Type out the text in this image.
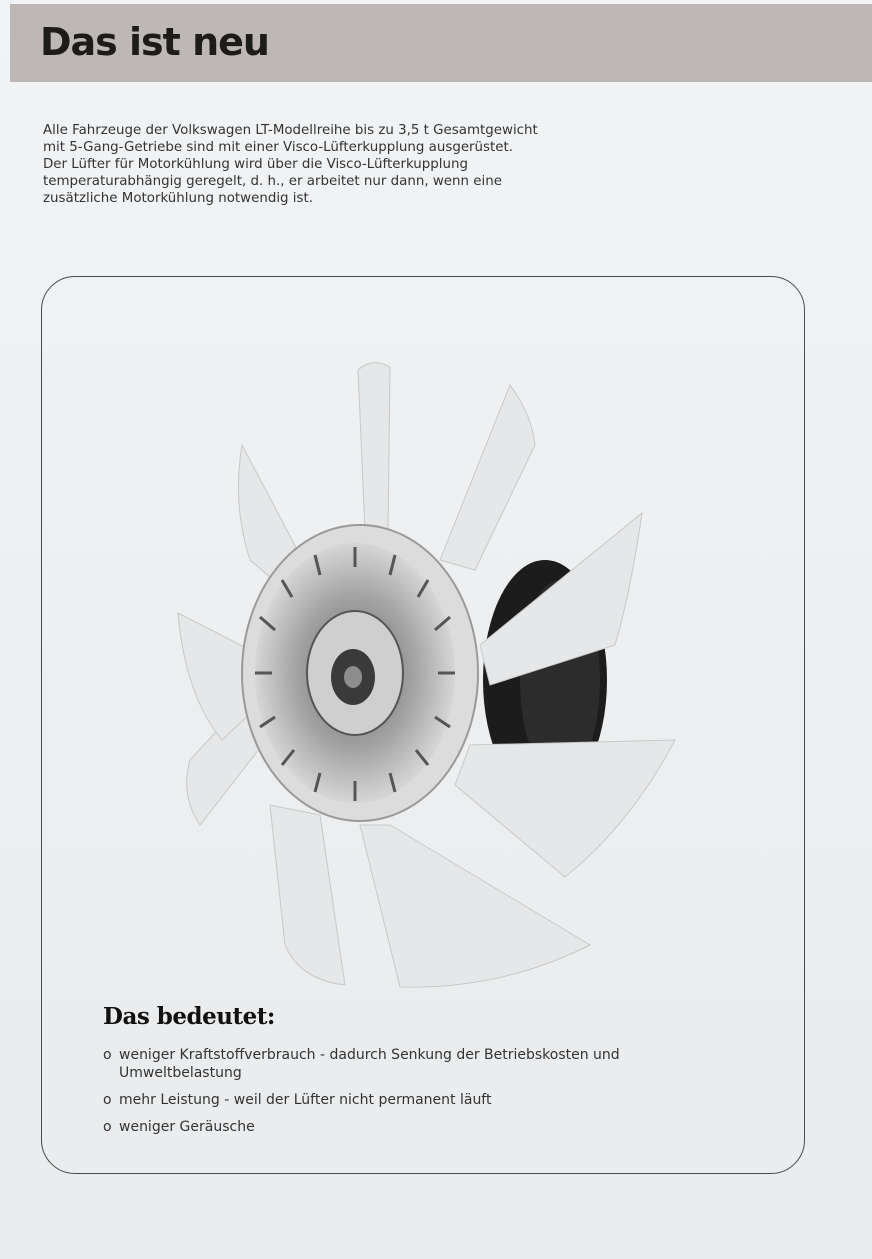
Das ist neu

Alle Fahrzeuge der Volkswagen LT-Modellreihe bis zu 3,5 t Gesamtgewicht

mit 5-Gang-Getriebe sind mit einer Visco-Lüfterkupplung ausgerüstet.

Der Lüfter für Motorkühlung wird über die Visco-Lüfterkupplung

temperaturabhängig geregelt, d. h., er arbeitet nur dann, wenn eine

zusätzliche Motorkühlung notwendig ist.

Das bedeutet:
o weniger Kraftstoffverbrauch - dadurch Senkung der Betriebskosten und Umweltbelastung
o mehr Leistung - weil der Lüfter nicht permanent läuft
o weniger Geräusche
